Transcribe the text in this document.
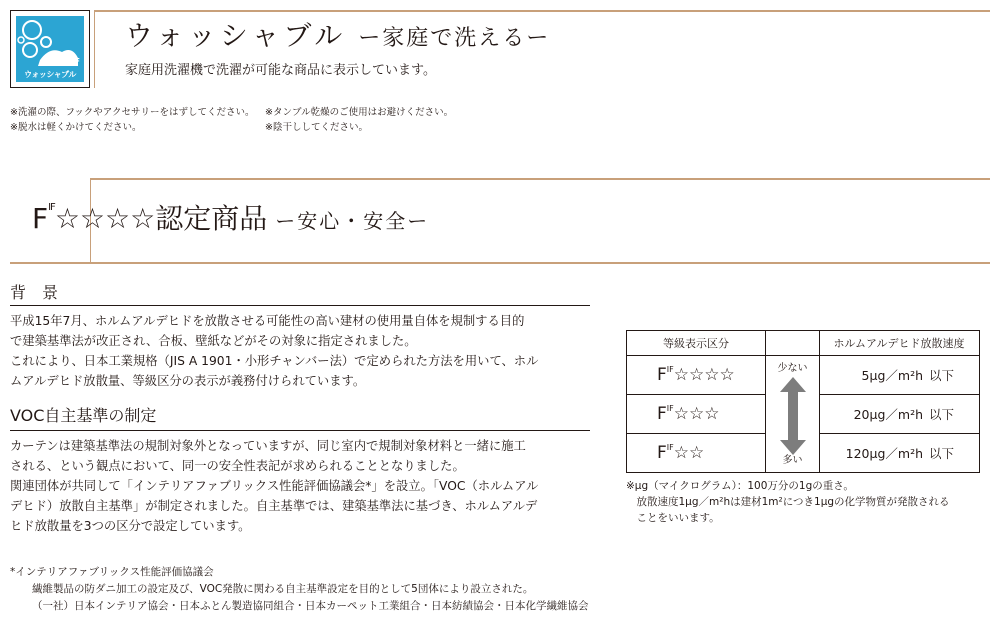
NIF
ウォッシャブル
ウォッシャブル ー家庭で洗えるー
家庭用洗濯機で洗濯が可能な商品に表示しています。
※洗濯の際、フックやアクセサリーをはずしてください。
※脱水は軽くかけてください。
※タンブル乾燥のご使用はお避けください。
※陰干ししてください。
$F^{IF}☆☆☆☆$認定商品 ー安心・安全ー
背　景

平成15年7月、ホルムアルデヒドを放散させる可能性の高い建材の使用量自体を規制する目的

で建築基準法が改正され、合板、壁紙などがその対象に指定されました。

これにより、日本工業規格（JIS A 1901・小形チャンバー法）で定められた方法を用いて、ホル

ムアルデヒド放散量、等級区分の表示が義務付けられています。

VOC自主基準の制定

カーテンは建築基準法の規制対象外となっていますが、同じ室内で規制対象材料と一緒に施工

される、という観点において、同一の安全性表記が求められることとなりました。

関連団体が共同して「インテリアファブリックス性能評価協議会*」を設立。「VOC（ホルムアル

デヒド）放散自主基準」が制定されました。自主基準では、建築基準法に基づき、ホルムアルデ

ヒド放散量を3つの区分で設定しています。

*インテリアファブリックス性能評価協議会
繊維製品の防ダニ加工の設定及び、VOC発散に関わる自主基準設定を目的として5団体により設立された。
（一社）日本インテリア協会・日本ふとん製造協同組合・日本カーペット工業組合・日本紡績協会・日本化学繊維協会
等級表示区分	ホルムアルデヒド放散速度
少ない
多い
$F^{IF}☆☆☆☆$	5μg／m²h 以下
$F^{IF}☆☆☆$	20μg／m²h 以下
$F^{IF}☆☆$	120μg／m²h 以下
※μg（マイクログラム）：100万分の1gの重さ。
　放散速度1μg／m²hは建材1m²につき1μgの化学物質が発散される
　ことをいいます。
